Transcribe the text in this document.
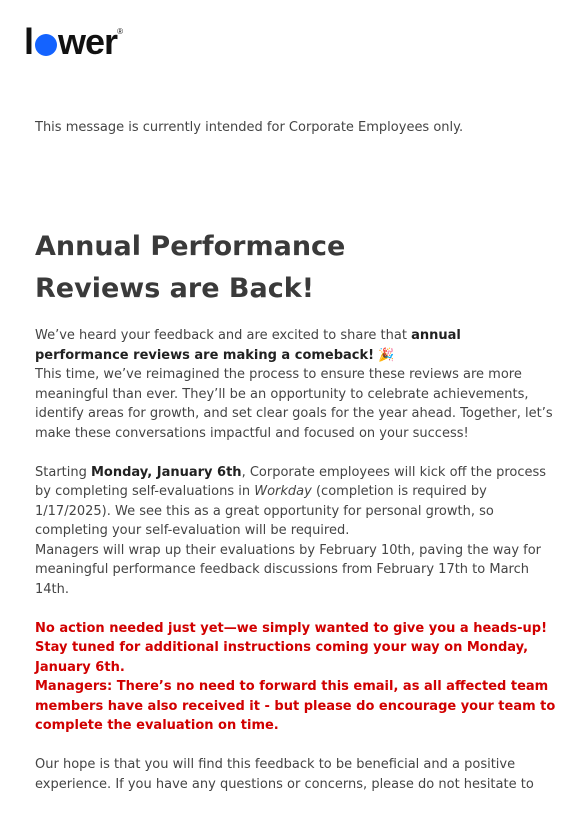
l wer ®
This message is currently intended for Corporate Employees only.
Annual Performance
Reviews are Back!

We’ve heard your feedback and are excited to share that annual performance reviews are making a comeback! 🎉
This time, we’ve reimagined the process to ensure these reviews are more meaningful than ever. They’ll be an opportunity to celebrate achievements, identify areas for growth, and set clear goals for the year ahead. Together, let’s make these conversations impactful and focused on your success!

Starting Monday, January 6th, Corporate employees will kick off the process by completing self-evaluations in Workday (completion is required by 1/17/2025). We see this as a great opportunity for personal growth, so completing your self-evaluation will be required.
Managers will wrap up their evaluations by February 10th, paving the way for meaningful performance feedback discussions from February 17th to March 14th.

No action needed just yet—we simply wanted to give you a heads-up!
Stay tuned for additional instructions coming your way on Monday, January 6th.
Managers: There’s no need to forward this email, as all affected team members have also received it - but please do encourage your team to complete the evaluation on time.

Our hope is that you will find this feedback to be beneficial and a positive experience. If you have any questions or concerns, please do not hesitate to
